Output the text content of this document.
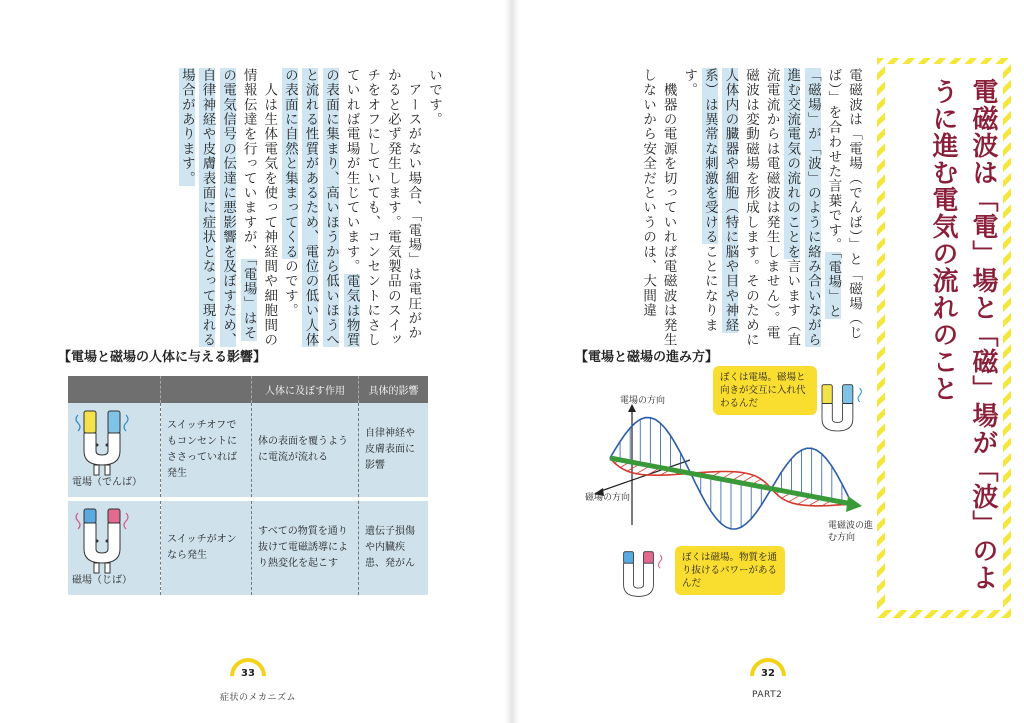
電磁波は「電」場と「磁」場が「波」のように進む電気の流れのこと
電磁波は「電場（でんば）」と「磁場（じば）」を合わせた言葉です。「電場」と「磁場」が「波」のように絡み合いながら進む交流電気の流れのことを言います（直流電流からは電磁波は発生しません）。電磁波は変動磁場を形成します。そのために人体内の臓器や細胞（特に脳や目や神経系）は異常な刺激を受けることになります。
　機器の電源を切っていれば電磁波は発生しないから安全だというのは、大間違
いです。
　アースがない場合、「電場」は電圧がかかると必ず発生します。電気製品のスイッチをオフにしていても、コンセントにさしていれば電場が生じています。電気は物質の表面に集まり、高いほうから低いほうへと流れる性質があるため、電位の低い人体の表面に自然と集まってくるのです。
　人は生体電気を使って神経間や細胞間の情報伝達を行っていますが、「電場」はその電気信号の伝達に悪影響を及ぼすため、自律神経や皮膚表面に症状となって現れる場合があります。
【電場と磁場の人体に与える影響】	【電場と磁場の進み方】
		人体に及ぼす作用	具体的影響

電場（でんば）	スイッチオフでもコンセントにささっていれば発生	体の表面を覆うように電流が流れる	自律神経や皮膚表面に影響

磁場（じば）	スイッチがオンなら発生	すべての物質を通り抜けて電磁誘導により熱変化を起こす	遺伝子損傷や内臓疾患、発がん
電場の方向
磁場の方向
電磁波の進む方向
ぼくは電場。磁場と向きが交互に入れ代わるんだ
ぼくは磁場。物質を通り抜けるパワーがあるんだ
33
症状のメカニズム
32
PART2
